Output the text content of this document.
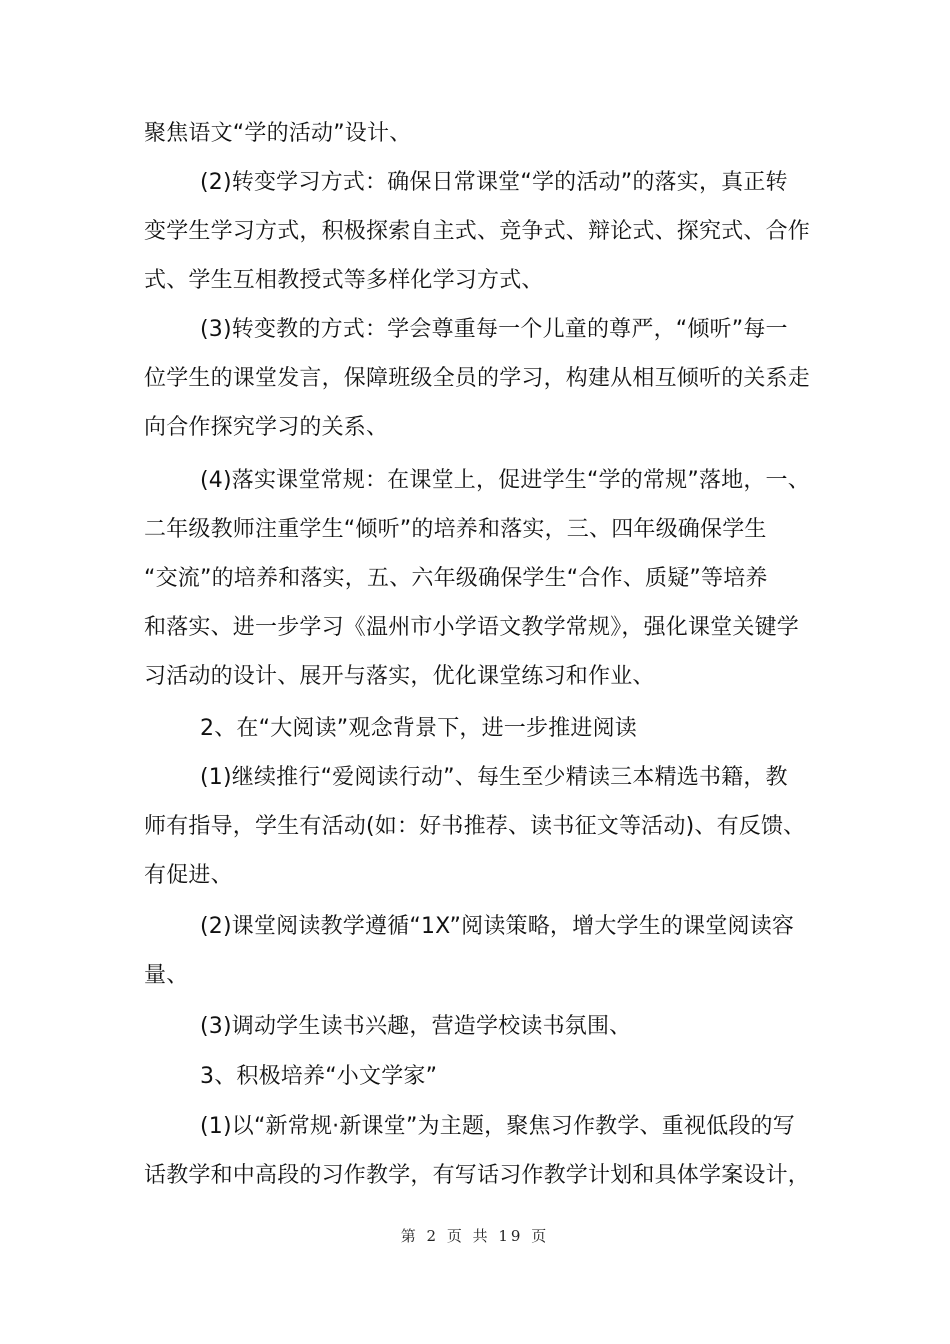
聚焦语文“学的活动”设计、
(2)转变学习方式：确保日常课堂“学的活动”的落实，真正转
变学生学习方式，积极探索自主式、竞争式、辩论式、探究式、合作
式、学生互相教授式等多样化学习方式、
(3)转变教的方式：学会尊重每一个儿童的尊严，“倾听”每一
位学生的课堂发言，保障班级全员的学习，构建从相互倾听的关系走
向合作探究学习的关系、
(4)落实课堂常规：在课堂上，促进学生“学的常规”落地，一、
二年级教师注重学生“倾听”的培养和落实，三、四年级确保学生
“交流”的培养和落实，五、六年级确保学生“合作、质疑”等培养
和落实、进一步学习《温州市小学语文教学常规》，强化课堂关键学
习活动的设计、展开与落实，优化课堂练习和作业、
2、在“大阅读”观念背景下，进一步推进阅读
(1)继续推行“爱阅读行动”、每生至少精读三本精选书籍，教
师有指导，学生有活动(如：好书推荐、读书征文等活动)、有反馈、
有促进、
(2)课堂阅读教学遵循“1X”阅读策略，增大学生的课堂阅读容
量、
(3)调动学生读书兴趣，营造学校读书氛围、
3、积极培养“小文学家”
(1)以“新常规·新课堂”为主题，聚焦习作教学、重视低段的写
话教学和中高段的习作教学，有写话习作教学计划和具体学案设计，
第 2 页 共 19 页
